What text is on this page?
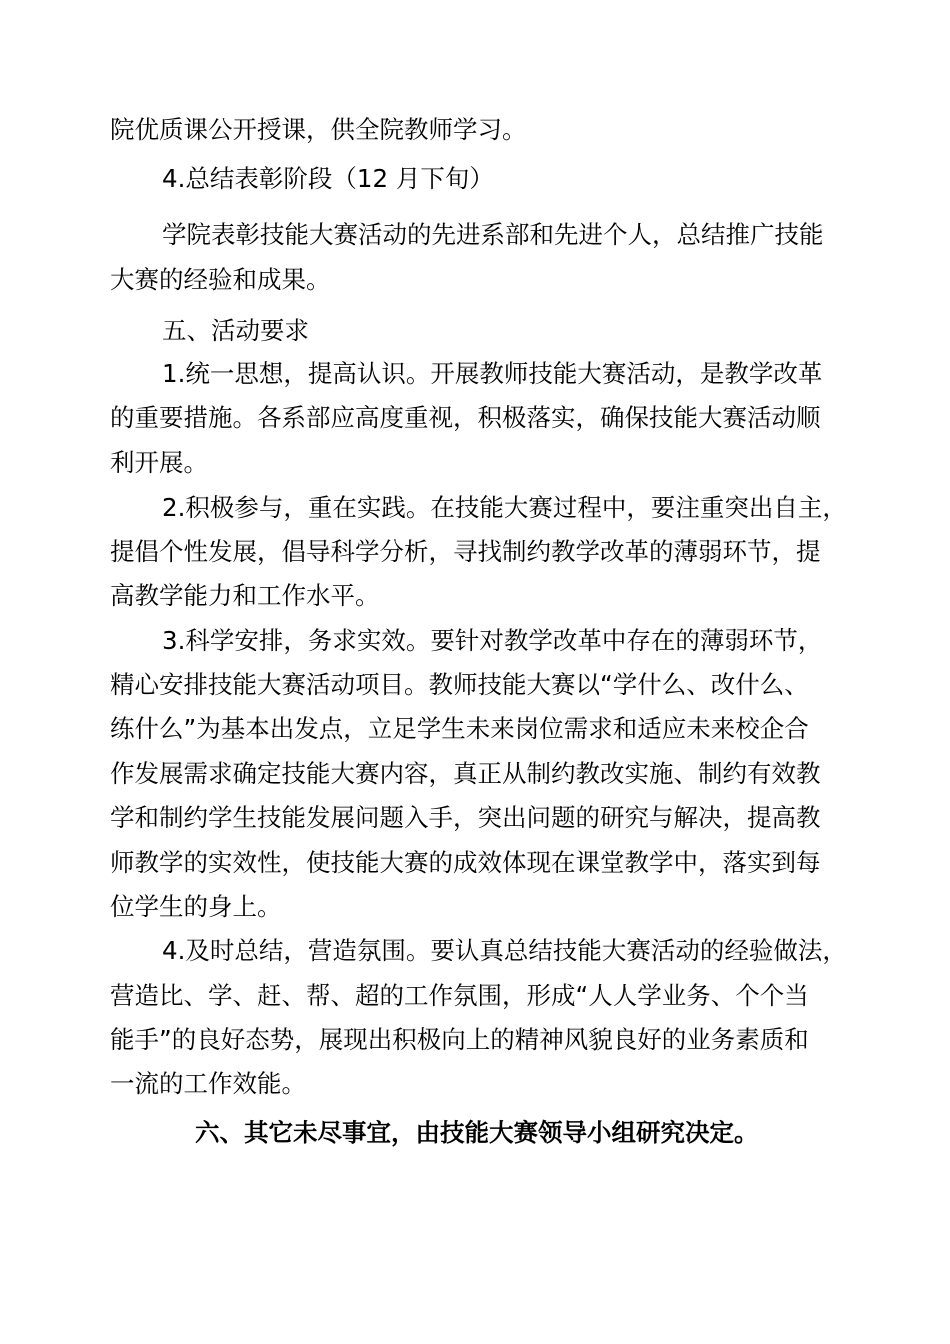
院优质课公开授课，供全院教师学习。

4.总结表彰阶段（12 月下旬）

学院表彰技能大赛活动的先进系部和先进个人，总结推广技能

大赛的经验和成果。

五、活动要求

1.统一思想，提高认识。开展教师技能大赛活动，是教学改革

的重要措施。各系部应高度重视，积极落实，确保技能大赛活动顺

利开展。

2.积极参与，重在实践。在技能大赛过程中，要注重突出自主，

提倡个性发展，倡导科学分析，寻找制约教学改革的薄弱环节，提

高教学能力和工作水平。

3.科学安排，务求实效。要针对教学改革中存在的薄弱环节，

精心安排技能大赛活动项目。教师技能大赛以“学什么、改什么、

练什么”为基本出发点，立足学生未来岗位需求和适应未来校企合

作发展需求确定技能大赛内容，真正从制约教改实施、制约有效教

学和制约学生技能发展问题入手，突出问题的研究与解决，提高教

师教学的实效性，使技能大赛的成效体现在课堂教学中，落实到每

位学生的身上。

4.及时总结，营造氛围。要认真总结技能大赛活动的经验做法，

营造比、学、赶、帮、超的工作氛围，形成“人人学业务、个个当

能手”的良好态势，展现出积极向上的精神风貌良好的业务素质和

一流的工作效能。

六、其它未尽事宜，由技能大赛领导小组研究决定。
